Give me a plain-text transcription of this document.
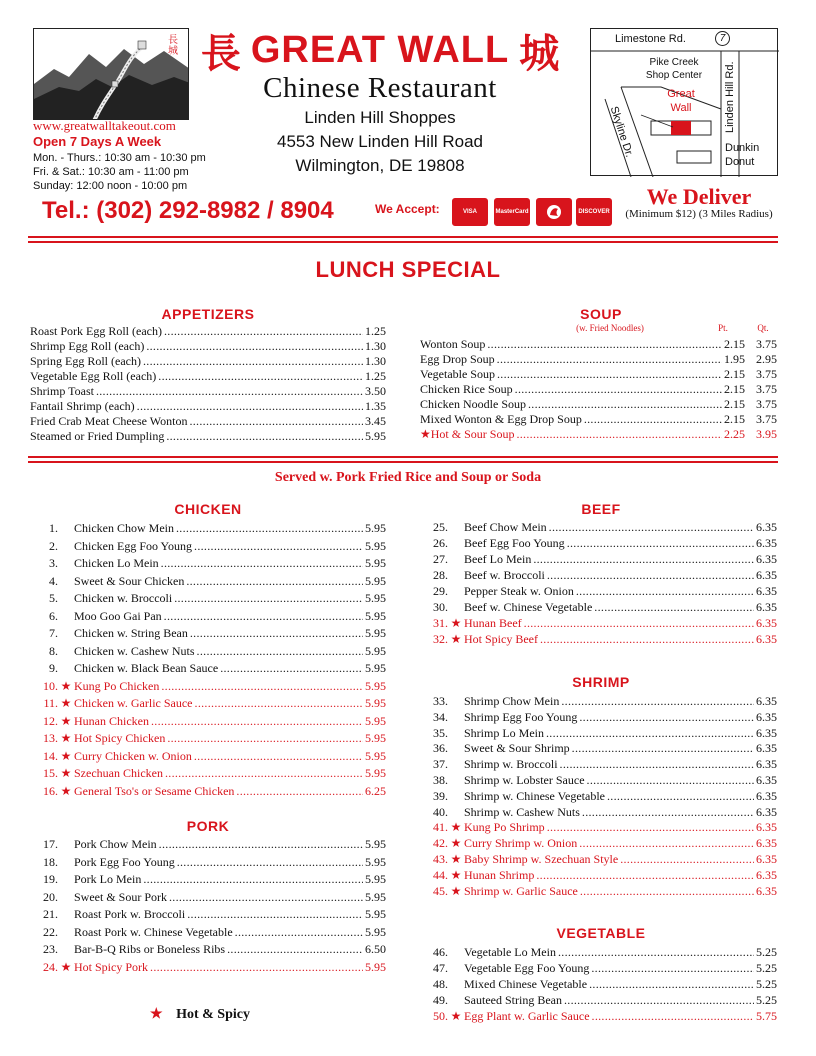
長城 長 GREAT WALL 城
Chinese Restaurant
Linden Hill Shoppes
4553 New Linden Hill Road
Wilmington, DE 19808
www.greatwalltakeout.com
Open 7 Days A Week
Mon. - Thurs.: 10:30 am - 10:30 pm
Fri. & Sat.: 10:30 am - 11:00 pm
Sunday: 12:00 noon - 10:00 pm
Tel.: (302) 292-8982 / 8904	We Accept:	VISA	MasterCard	DISCOVER
We Deliver
(Minimum $12) (3 Miles Radius)
Limestone Rd.	7
Pike Creek
Shop Center
Great
Wall	Linden Hill Rd.
Skyline Dr.	Dunkin
Donut
LUNCH SPECIAL
APPETIZERS	SOUP
(w. Fried Noodles)	Pt.	Qt.
Roast Pork Egg Roll (each) .....	1.25
Shrimp Egg Roll (each) .....	1.30
Spring Egg Roll (each) .....	1.30
Vegetable Egg Roll (each) .....	1.25
Shrimp Toast .....	3.50
Fantail Shrimp (each) .....	1.35
Fried Crab Meat Cheese Wonton .....	3.45
Steamed or Fried Dumpling .....	5.95
Wonton Soup .....	2.15 3.75
Egg Drop Soup .....	1.95 2.95
Vegetable Soup .....	2.15 3.75
Chicken Rice Soup .....	2.15 3.75
Chicken Noodle Soup .....	2.15 3.75
Mixed Wonton & Egg Drop Soup .....	2.15 3.75
★ Hot & Sour Soup .....	2.25 3.95
Served w. Pork Fried Rice and Soup or Soda
CHICKEN
PORK
BEEF
SHRIMP
VEGETABLE
1. Chicken Chow Mein .....	5.95
2. Chicken Egg Foo Young .....	5.95
3. Chicken Lo Mein .....	5.95
4. Sweet & Sour Chicken .....	5.95
5. Chicken w. Broccoli .....	5.95
6. Moo Goo Gai Pan .....	5.95
7. Chicken w. String Bean .....	5.95
8. Chicken w. Cashew Nuts .....	5.95
9. Chicken w. Black Bean Sauce .....	5.95
10. ★ Kung Po Chicken .....	5.95
11. ★ Chicken w. Garlic Sauce .....	5.95
12. ★ Hunan Chicken .....	5.95
13. ★ Hot Spicy Chicken .....	5.95
14. ★ Curry Chicken w. Onion .....	5.95
15. ★ Szechuan Chicken .....	5.95
16. ★ General Tso's or Sesame Chicken .....	6.25
17. Pork Chow Mein .....	5.95
18. Pork Egg Foo Young .....	5.95
19. Pork Lo Mein .....	5.95
20. Sweet & Sour Pork .....	5.95
21. Roast Pork w. Broccoli .....	5.95
22. Roast Pork w. Chinese Vegetable .....	5.95
23. Bar-B-Q Ribs or Boneless Ribs .....	6.50
24. ★ Hot Spicy Pork .....	5.95
25. Beef Chow Mein .....	6.35
26. Beef Egg Foo Young .....	6.35
27. Beef Lo Mein .....	6.35
28. Beef w. Broccoli .....	6.35
29. Pepper Steak w. Onion .....	6.35
30. Beef w. Chinese Vegetable .....	6.35
31. ★ Hunan Beef .....	6.35
32. ★ Hot Spicy Beef .....	6.35
33. Shrimp Chow Mein .....	6.35
34. Shrimp Egg Foo Young .....	6.35
35. Shrimp Lo Mein .....	6.35
36. Sweet & Sour Shrimp .....	6.35
37. Shrimp w. Broccoli .....	6.35
38. Shrimp w. Lobster Sauce .....	6.35
39. Shrimp w. Chinese Vegetable .....	6.35
40. Shrimp w. Cashew Nuts .....	6.35
41. ★ Kung Po Shrimp .....	6.35
42. ★ Curry Shrimp w. Onion .....	6.35
43. ★ Baby Shrimp w. Szechuan Style .....	6.35
44. ★ Hunan Shrimp .....	6.35
45. ★ Shrimp w. Garlic Sauce .....	6.35
46. Vegetable Lo Mein .....	5.25
47. Vegetable Egg Foo Young .....	5.25
48. Mixed Chinese Vegetable .....	5.25
49. Sauteed String Bean .....	5.25
50. ★ Egg Plant w. Garlic Sauce .....	5.75
★ Hot & Spicy
